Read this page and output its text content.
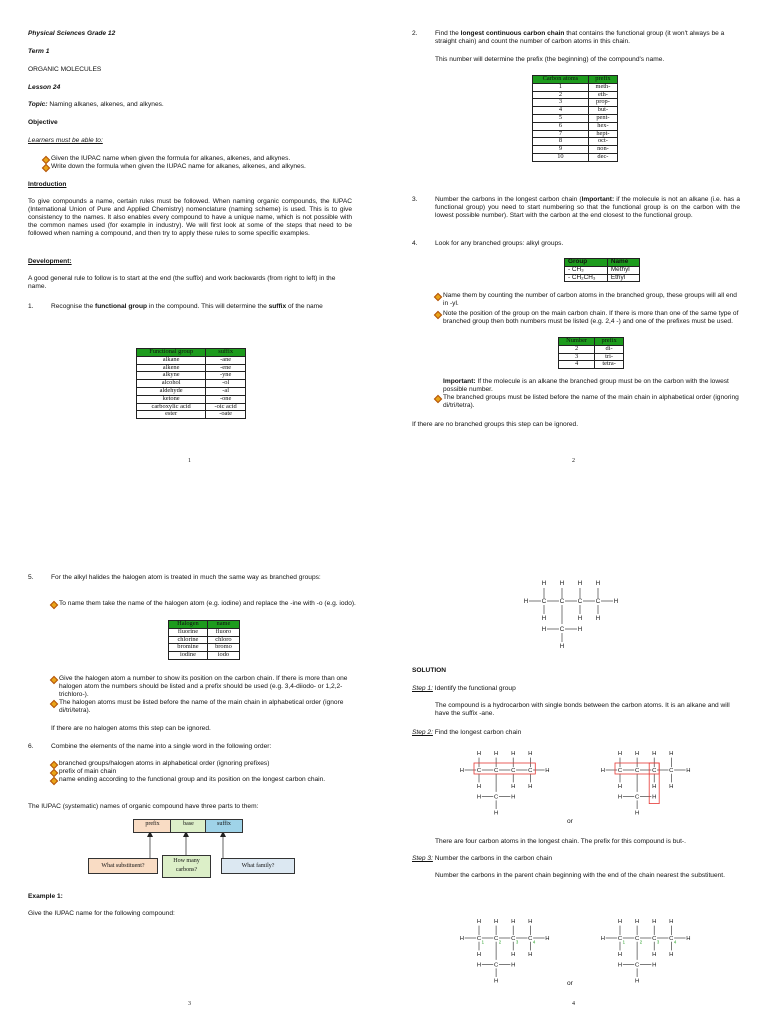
Physical Sciences Grade 12

Term 1

ORGANIC MOLECULES

Lesson 24

Topic: Naming alkanes, alkenes, and alkynes.

Objective

Learners must be able to:

Given the IUPAC name when given the formula for alkanes, alkenes, and alkynes.
Write down the formula when given the IUPAC name for alkanes, alkenes, and alkynes.

Introduction

To give compounds a name, certain rules must be followed. When naming organic compounds, the IUPAC (International Union of Pure and Applied Chemistry) nomenclature (naming scheme) is used. This is to give consistency to the names. It also enables every compound to have a unique name, which is not possible with the common names used (for example in industry). We will first look at some of the steps that need to be followed when naming a compound, and then try to apply these rules to some specific examples.

Development:

A good general rule to follow is to start at the end (the suffix) and work backwards (from right to left) in the name.

1.	Recognise the functional group in the compound. This will determine the suffix of the name

Functional group	suffix
alkane	-ane
alkene	-ene
alkyne	-yne
alcohol	-ol
aldehyde	-al
ketone	-one
carboxylic acid	-oic acid
ester	-oate
1

2.	Find the longest continuous carbon chain that contains the functional group (it won't always be a straight chain) and count the number of carbon atoms in this chain.

This number will determine the prefix (the beginning) of the compound's name.

Carbon atoms	prefix
1	meth-
2	eth-
3	prop-
4	but-
5	pent-
6	hex-
7	hept-
8	oct-
9	non-
10	dec-

3.	Number the carbons in the longest carbon chain (Important: if the molecule is not an alkane (i.e. has a functional group) you need to start numbering so that the functional group is on the carbon with the lowest possible number). Start with the carbon at the end closest to the functional group.

4.	Look for any branched groups: alkyl groups.

Group	Name
- CH₃	Methyl
- CH₂CH₃	Ethyl
Name them by counting the number of carbon atoms in the branched group, these groups will all end in -yl.
Note the position of the group on the main carbon chain. If there is more than one of the same type of branched group then both numbers must be listed (e.g. 2,4 -) and one of the prefixes must be used.
Number	prefix
2	di-
3	tri-
4	tetra-

Important: If the molecule is an alkane the branched group must be on the carbon with the lowest possible number.

The branched groups must be listed before the name of the main chain in alphabetical order (ignoring di/tri/tetra).

If there are no branched groups this step can be ignored.

2

5.	For the alkyl halides the halogen atom is treated in much the same way as branched groups:

To name them take the name of the halogen atom (e.g. iodine) and replace the -ine with -o (e.g. iodo).
Halogen	name
fluorine	fluoro
chlorine	chloro
bromine	bromo
iodine	iodo
Give the halogen atom a number to show its position on the carbon chain. If there is more than one halogen atom the numbers should be listed and a prefix should be used (e.g. 3,4-diiodo- or 1,2,2-trichloro-).
The halogen atoms must be listed before the name of the main chain in alphabetical order (ignore di/tri/tetra).

If there are no halogen atoms this step can be ignored.

6.	Combine the elements of the name into a single word in the following order:

branched groups/halogen atoms in alphabetical order (ignoring prefixes)
prefix of main chain
name ending according to the functional group and its position on the longest carbon chain.

The IUPAC (systematic) names of organic compound have three parts to them:

prefix	base	suffix
What substituent?
How many carbons?
What family?

Example 1:

Give the IUPAC name for the following compound:

3
H	H
C
H
H
C
H
C
H
H
C
H
H
C
H	H
H
H	H
C
H
H
C
H
C
H
H
C
H
H
C
H	H
H
H	H
C
H
H
C
H
C
H
H
C
H
H
C
H	H
H
H	H
C
H
H
1
C
H
2
C
H
H
3
C
H
H
4
C
H	H
H
H	H
C
H
H
1
C
H
2
C
H
H
3
C
H
H
4
C
H	H
H

SOLUTION

Step 1: Identify the functional group

The compound is a hydrocarbon with single bonds between the carbon atoms. It is an alkane and will have the suffix -ane.

Step 2: Find the longest carbon chain

or

There are four carbon atoms in the longest chain. The prefix for this compound is but-.

Step 3: Number the carbons in the carbon chain

Number the carbons in the parent chain beginning with the end of the chain nearest the substituent.

or

4
